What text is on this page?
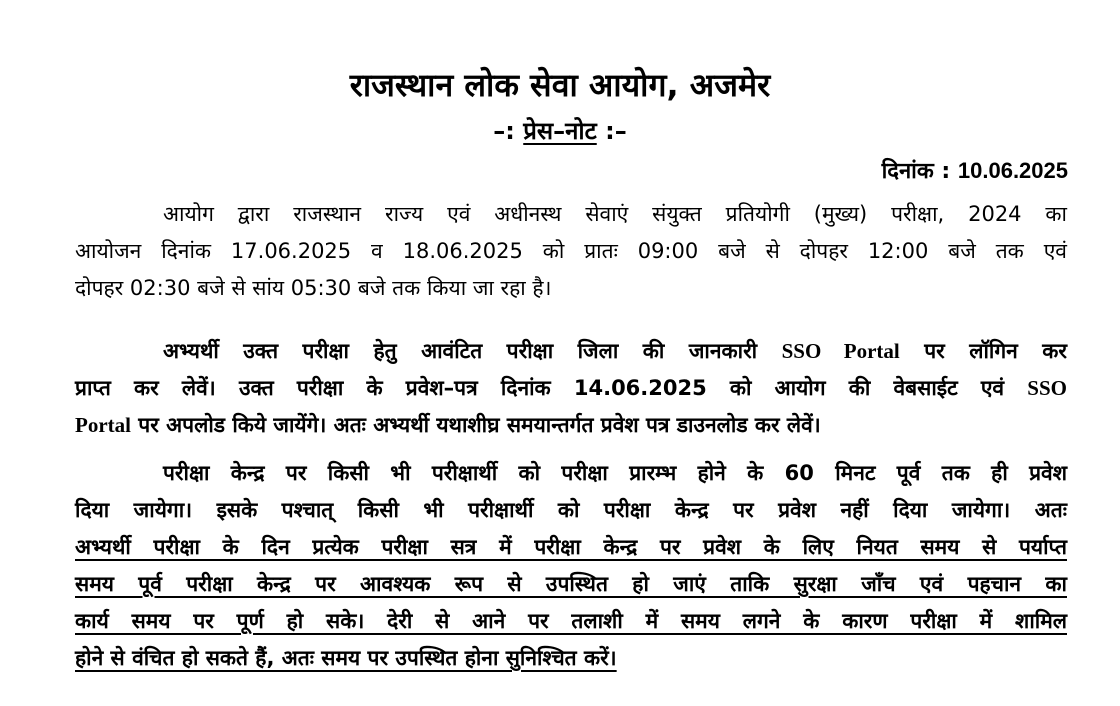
राजस्थान लोक सेवा आयोग, अजमेर
–: प्रेस–नोट :–
दिनांक : 10.06.2025
आयोग द्वारा राजस्थान राज्य एवं अधीनस्थ सेवाएं संयुक्त प्रतियोगी (मुख्य) परीक्षा, 2024 का
आयोजन दिनांक 17.06.2025 व 18.06.2025 को प्रातः 09:00 बजे से दोपहर 12:00 बजे तक एवं
दोपहर 02:30 बजे से सांय 05:30 बजे तक किया जा रहा है।
अभ्यर्थी उक्त परीक्षा हेतु आवंटित परीक्षा जिला की जानकारी SSO Portal पर लॉगिन कर
प्राप्त कर लेवें। उक्त परीक्षा के प्रवेश–पत्र दिनांक 14.06.2025 को आयोग की वेबसाईट एवं SSO
Portal पर अपलोड किये जायेंगे। अतः अभ्यर्थी यथाशीघ्र समयान्तर्गत प्रवेश पत्र डाउनलोड कर लेवें।
परीक्षा केन्द्र पर किसी भी परीक्षार्थी को परीक्षा प्रारम्भ होने के 60 मिनट पूर्व तक ही प्रवेश
दिया जायेगा। इसके पश्चात् किसी भी परीक्षार्थी को परीक्षा केन्द्र पर प्रवेश नहीं दिया जायेगा। अतः
अभ्यर्थी परीक्षा के दिन प्रत्येक परीक्षा सत्र में परीक्षा केन्द्र पर प्रवेश के लिए नियत समय से पर्याप्त
समय पूर्व परीक्षा केन्द्र पर आवश्यक रूप से उपस्थित हो जाएं ताकि सुरक्षा जाँच एवं पहचान का
कार्य समय पर पूर्ण हो सके। देरी से आने पर तलाशी में समय लगने के कारण परीक्षा में शामिल
होने से वंचित हो सकते हैं, अतः समय पर उपस्थित होना सुनिश्चित करें।
